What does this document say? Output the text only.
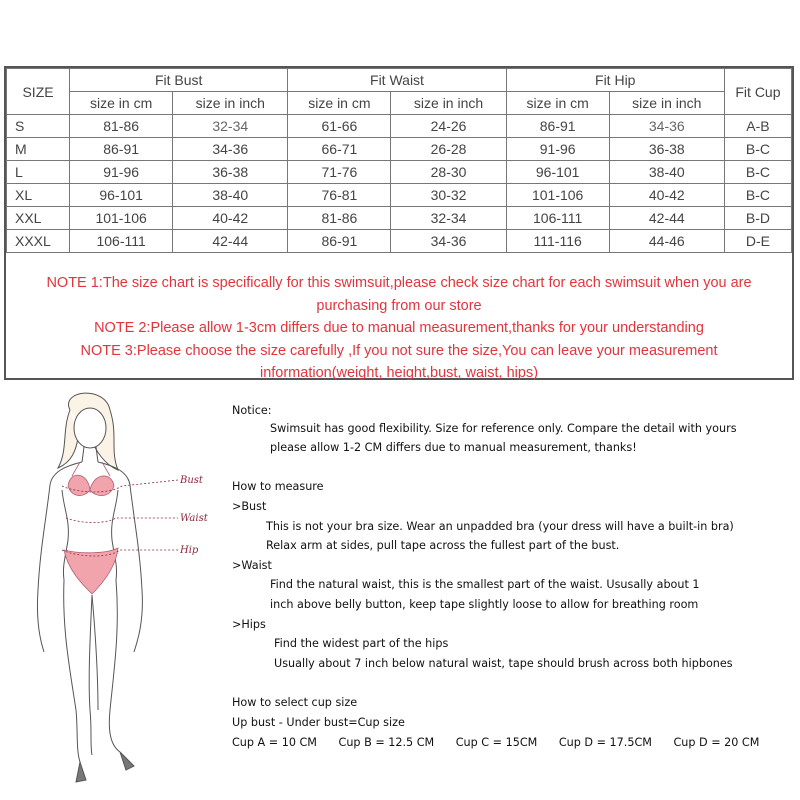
SIZE	Fit Bust		Fit Waist		Fit Hip		Fit Cup
	size in cm	size in inch	size in cm	size in inch	size in cm	size in inch	
S	81-86	32-34	61-66	24-26	86-91	34-36	A-B
M	86-91	34-36	66-71	26-28	91-96	36-38	B-C
L	91-96	36-38	71-76	28-30	96-101	38-40	B-C
XL	96-101	38-40	76-81	30-32	101-106	40-42	B-C
XXL	101-106	40-42	81-86	32-34	106-111	42-44	B-D
XXXL	106-111	42-44	86-91	34-36	111-116	44-46	D-E
NOTE 1:The size chart is specifically for this swimsuit,please check size chart for each swimsuit when you are
purchasing from our store
NOTE 2:Please allow 1-3cm differs due to manual measurement,thanks for your understanding
NOTE 3:Please choose the size carefully ,If you not sure the size,You can leave your measurement
information(weight, height,bust, waist, hips)
Bust
Waist
Hip
Notice:
Swimsuit has good flexibility. Size for reference only. Compare the detail with yours
please allow 1-2 CM differs due to manual measurement, thanks!
How to measure
>Bust
This is not your bra size. Wear an unpadded bra (your dress will have a built-in bra)
Relax arm at sides, pull tape across the fullest part of the bust.
>Waist
Find the natural waist, this is the smallest part of the waist. Ususally about 1
inch above belly button, keep tape slightly loose to allow for breathing room
>Hips
Find the widest part of the hips
Usually about 7 inch below natural waist, tape should brush across both hipbones
How to select cup size
Up bust - Under bust=Cup size
Cup A = 10 CM Cup B = 12.5 CM Cup C = 15CM Cup D = 17.5CM Cup D = 20 CM
